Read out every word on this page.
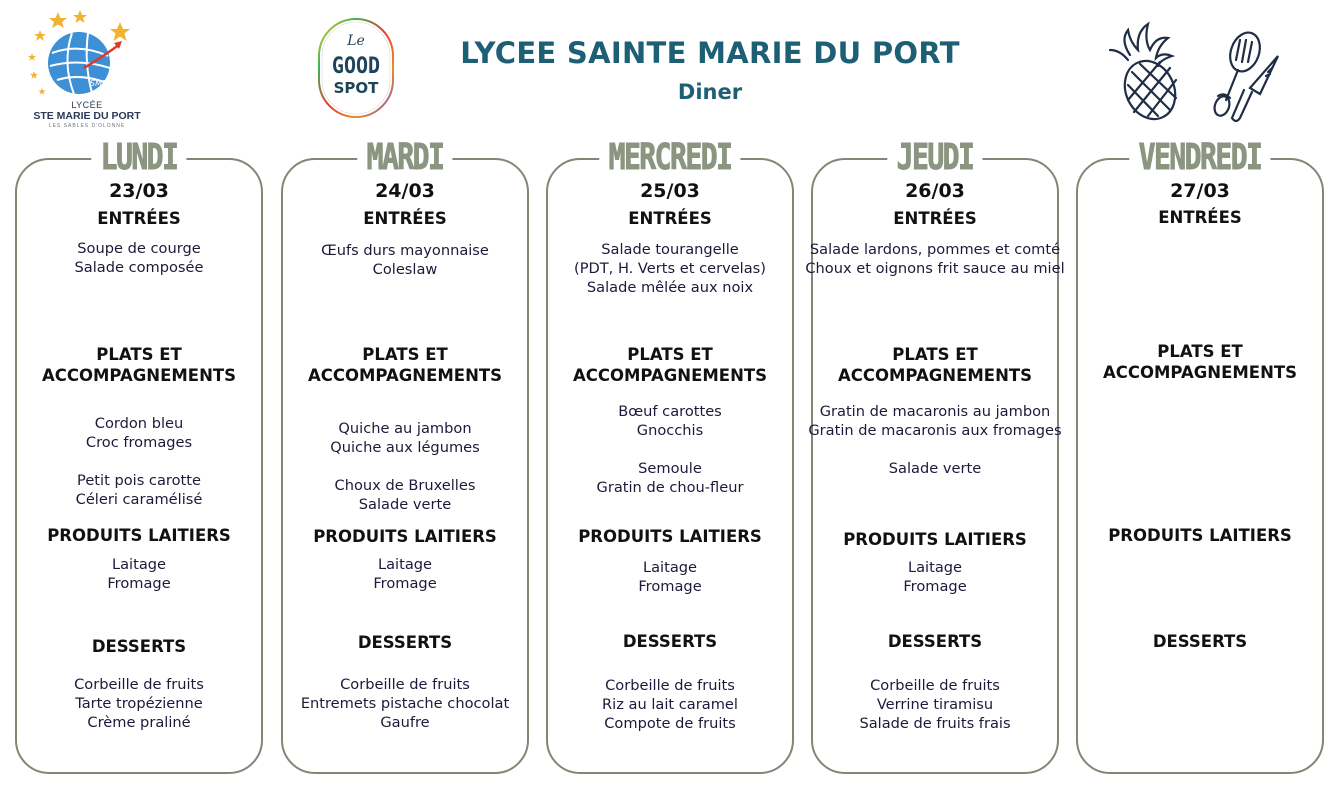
SMP
LYCÉE
STE MARIE DU PORT
LES SABLES D'OLONNE
Le
GOOD
SPOT
LYCEE SAINTE MARIE DU PORT
Diner
LUNDI
23/03
ENTRÉES
Soupe de courge
Salade composée
PLATS ET
ACCOMPAGNEMENTS
Cordon bleu
Croc fromages
Petit pois carotte
Céleri caramélisé
PRODUITS LAITIERS
Laitage
Fromage
DESSERTS
Corbeille de fruits
Tarte tropézienne
Crème praliné
MARDI
24/03
ENTRÉES
Œufs durs mayonnaise
Coleslaw
PLATS ET
ACCOMPAGNEMENTS
Quiche au jambon
Quiche aux légumes
Choux de Bruxelles
Salade verte
PRODUITS LAITIERS
Laitage
Fromage
DESSERTS
Corbeille de fruits
Entremets pistache chocolat
Gaufre
MERCREDI
25/03
ENTRÉES
Salade tourangelle
(PDT, H. Verts et cervelas)
Salade mêlée aux noix
PLATS ET
ACCOMPAGNEMENTS
Bœuf carottes
Gnocchis
Semoule
Gratin de chou-fleur
PRODUITS LAITIERS
Laitage
Fromage
DESSERTS
Corbeille de fruits
Riz au lait caramel
Compote de fruits
JEUDI
26/03
ENTRÉES
Salade lardons, pommes et comté
Choux et oignons frit sauce au miel
PLATS ET
ACCOMPAGNEMENTS
Gratin de macaronis au jambon
Gratin de macaronis aux fromages
Salade verte
PRODUITS LAITIERS
Laitage
Fromage
DESSERTS
Corbeille de fruits
Verrine tiramisu
Salade de fruits frais
VENDREDI
27/03
ENTRÉES
PLATS ET
ACCOMPAGNEMENTS
PRODUITS LAITIERS
DESSERTS
